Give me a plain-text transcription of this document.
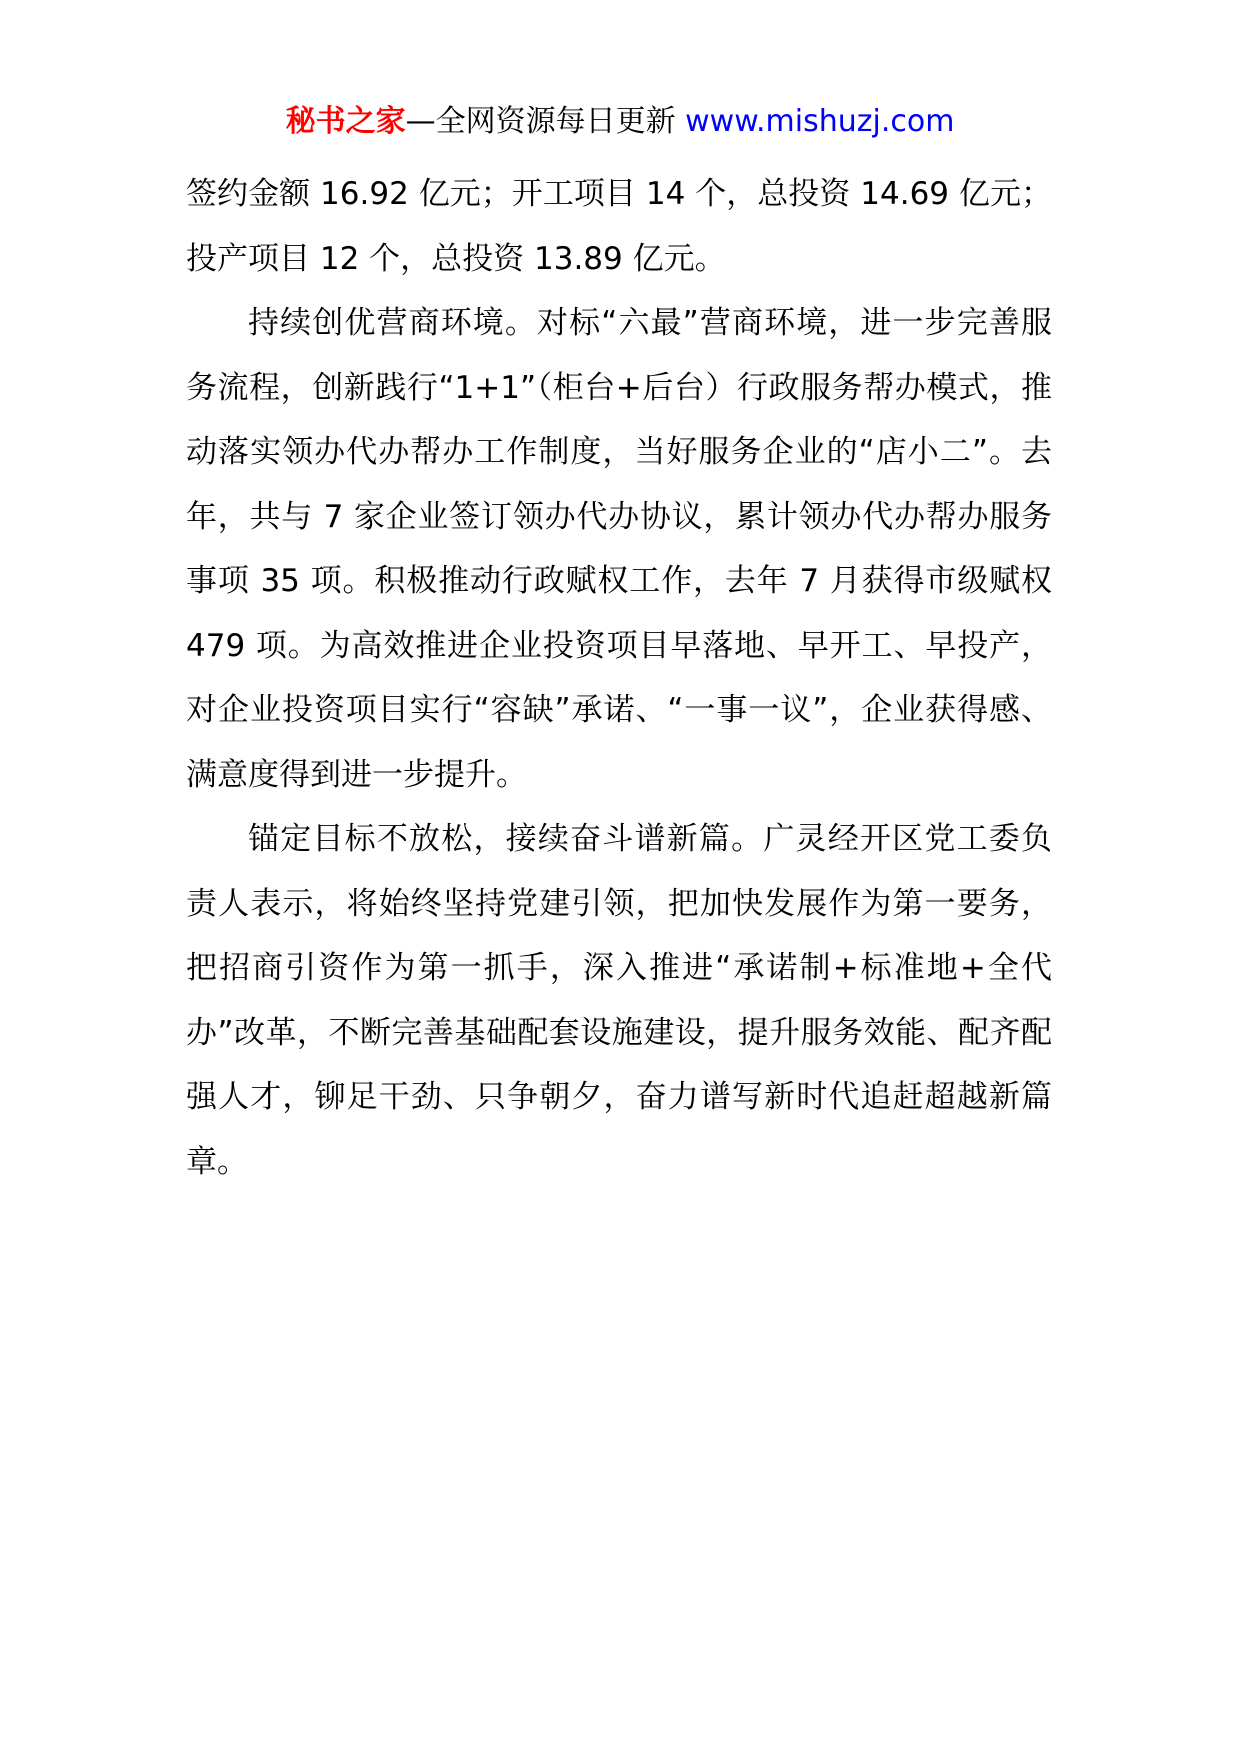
秘书之家—全网资源每日更新 www.mishuzj.com

签约金额 16.92 亿元；开工项目 14 个，总投资 14.69 亿元；投产项目 12 个，总投资 13.89 亿元。

持续创优营商环境。对标“六最”营商环境，进一步完善服务流程，创新践行“1+1”（柜台+后台）行政服务帮办模式，推动落实领办代办帮办工作制度，当好服务企业的“店小二”。去年，共与 7 家企业签订领办代办协议，累计领办代办帮办服务事项 35 项。积极推动行政赋权工作，去年 7 月获得市级赋权 479 项。为高效推进企业投资项目早落地、早开工、早投产，对企业投资项目实行“容缺”承诺、“一事一议”，企业获得感、满意度得到进一步提升。

锚定目标不放松，接续奋斗谱新篇。广灵经开区党工委负责人表示，将始终坚持党建引领，把加快发展作为第一要务，把招商引资作为第一抓手，深入推进“承诺制+标准地+全代办”改革，不断完善基础配套设施建设，提升服务效能、配齐配强人才，铆足干劲、只争朝夕，奋力谱写新时代追赶超越新篇章。
